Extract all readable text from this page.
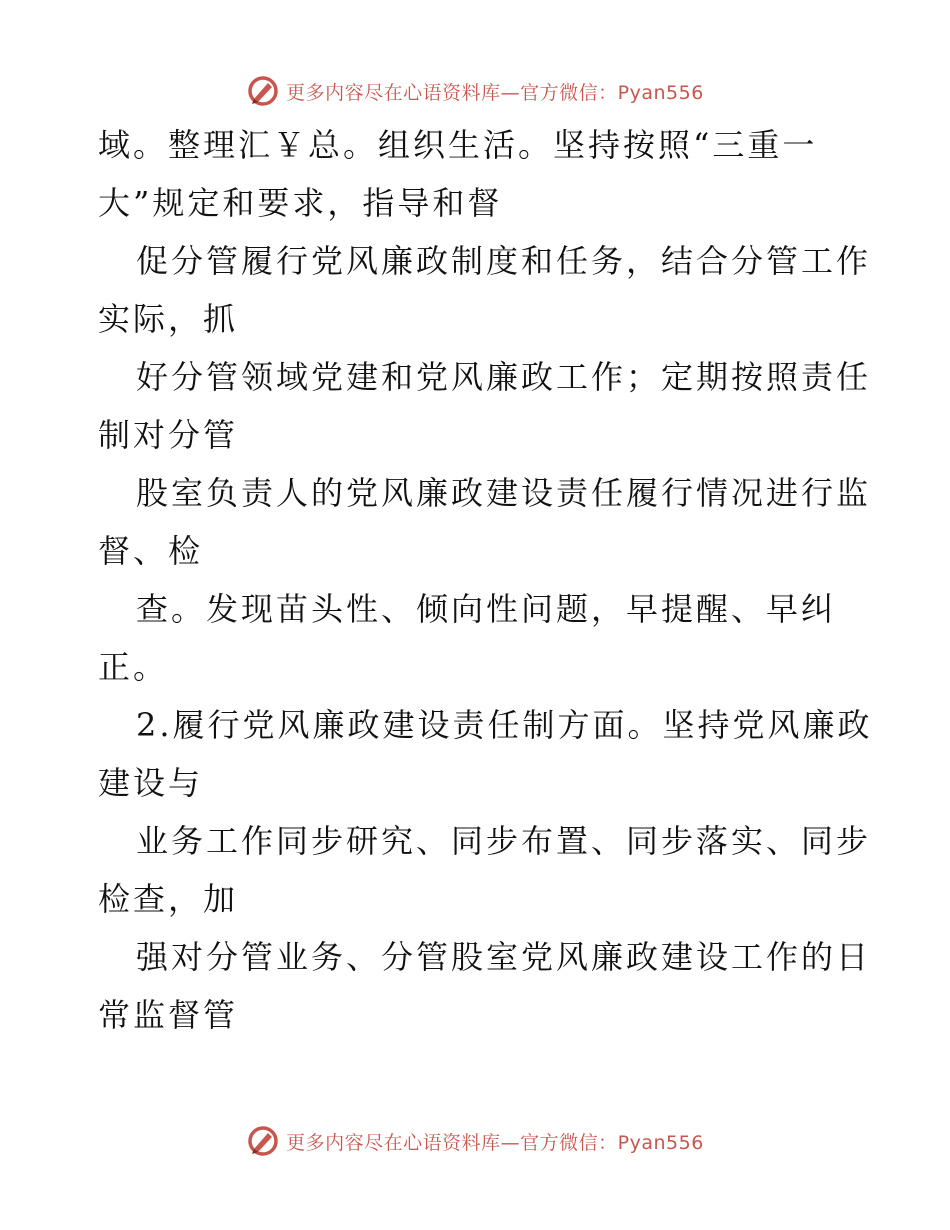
更多内容尽在心语资料库—官方微信：Pyan556
域。整理汇￥总。组织生活。坚持按照“三重一
大”规定和要求，指导和督
促分管履行党风廉政制度和任务，结合分管工作
实际，抓
好分管领域党建和党风廉政工作；定期按照责任
制对分管
股室负责人的党风廉政建设责任履行情况进行监
督、检
查。发现苗头性、倾向性问题，早提醒、早纠
正。
2.履行党风廉政建设责任制方面。坚持党风廉政
建设与
业务工作同步研究、同步布置、同步落实、同步
检查，加
强对分管业务、分管股室党风廉政建设工作的日
常监督管
更多内容尽在心语资料库—官方微信：Pyan556
